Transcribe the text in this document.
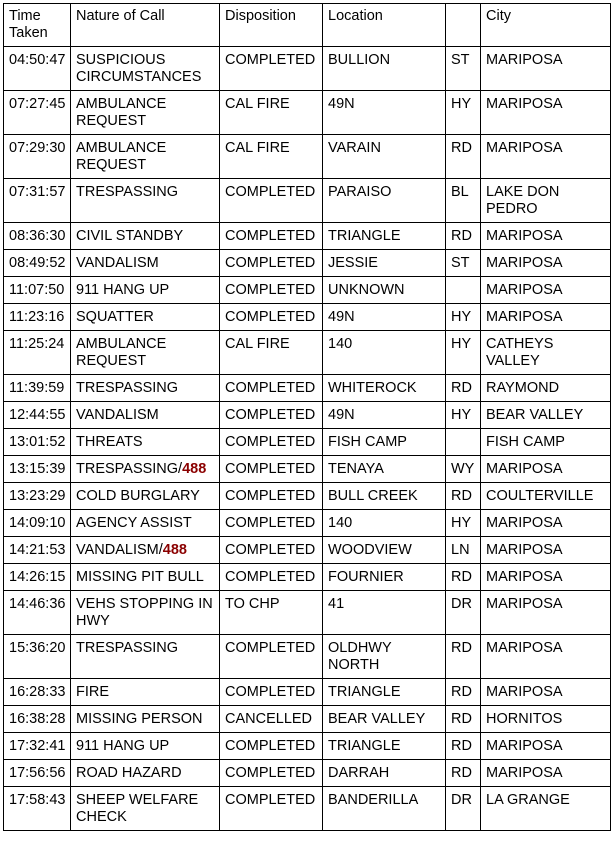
Time Taken	Nature of Call	Disposition	Location		City
04:50:47	SUSPICIOUS CIRCUMSTANCES	COMPLETED	BULLION	ST	MARIPOSA
07:27:45	AMBULANCE REQUEST	CAL FIRE	49N	HY	MARIPOSA
07:29:30	AMBULANCE REQUEST	CAL FIRE	VARAIN	RD	MARIPOSA
07:31:57	TRESPASSING	COMPLETED	PARAISO	BL	LAKE DON PEDRO
08:36:30	CIVIL STANDBY	COMPLETED	TRIANGLE	RD	MARIPOSA
08:49:52	VANDALISM	COMPLETED	JESSIE	ST	MARIPOSA
11:07:50	911 HANG UP	COMPLETED	UNKNOWN		MARIPOSA
11:23:16	SQUATTER	COMPLETED	49N	HY	MARIPOSA
11:25:24	AMBULANCE REQUEST	CAL FIRE	140	HY	CATHEYS VALLEY
11:39:59	TRESPASSING	COMPLETED	WHITEROCK	RD	RAYMOND
12:44:55	VANDALISM	COMPLETED	49N	HY	BEAR VALLEY
13:01:52	THREATS	COMPLETED	FISH CAMP		FISH CAMP
13:15:39	TRESPASSING/488	COMPLETED	TENAYA	WY	MARIPOSA
13:23:29	COLD BURGLARY	COMPLETED	BULL CREEK	RD	COULTERVILLE
14:09:10	AGENCY ASSIST	COMPLETED	140	HY	MARIPOSA
14:21:53	VANDALISM/488	COMPLETED	WOODVIEW	LN	MARIPOSA
14:26:15	MISSING PIT BULL	COMPLETED	FOURNIER	RD	MARIPOSA
14:46:36	VEHS STOPPING IN HWY	TO CHP	41	DR	MARIPOSA
15:36:20	TRESPASSING	COMPLETED	OLDHWY NORTH	RD	MARIPOSA
16:28:33	FIRE	COMPLETED	TRIANGLE	RD	MARIPOSA
16:38:28	MISSING PERSON	CANCELLED	BEAR VALLEY	RD	HORNITOS
17:32:41	911 HANG UP	COMPLETED	TRIANGLE	RD	MARIPOSA
17:56:56	ROAD HAZARD	COMPLETED	DARRAH	RD	MARIPOSA
17:58:43	SHEEP WELFARE CHECK	COMPLETED	BANDERILLA	DR	LA GRANGE
